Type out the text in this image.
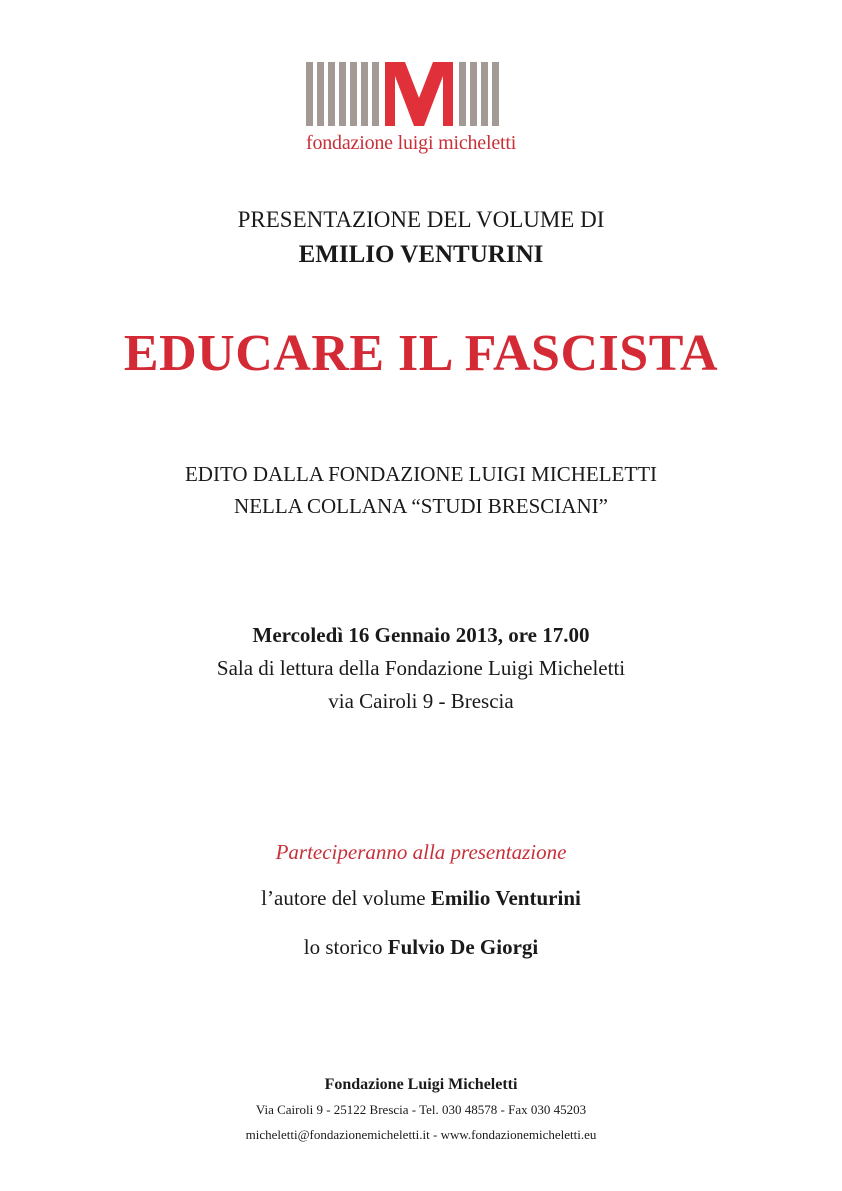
fondazione luigi micheletti
PRESENTAZIONE DEL VOLUME DI
EMILIO VENTURINI
EDUCARE IL FASCISTA
EDITO DALLA FONDAZIONE LUIGI MICHELETTI
NELLA COLLANA “STUDI BRESCIANI”
Mercoledì 16 Gennaio 2013, ore 17.00
Sala di lettura della Fondazione Luigi Micheletti
via Cairoli 9 - Brescia
Parteciperanno alla presentazione
l’autore del volume Emilio Venturini
lo storico Fulvio De Giorgi
Fondazione Luigi Micheletti
Via Cairoli 9 - 25122 Brescia - Tel. 030 48578 - Fax 030 45203
micheletti@fondazionemicheletti.it - www.fondazionemicheletti.eu
